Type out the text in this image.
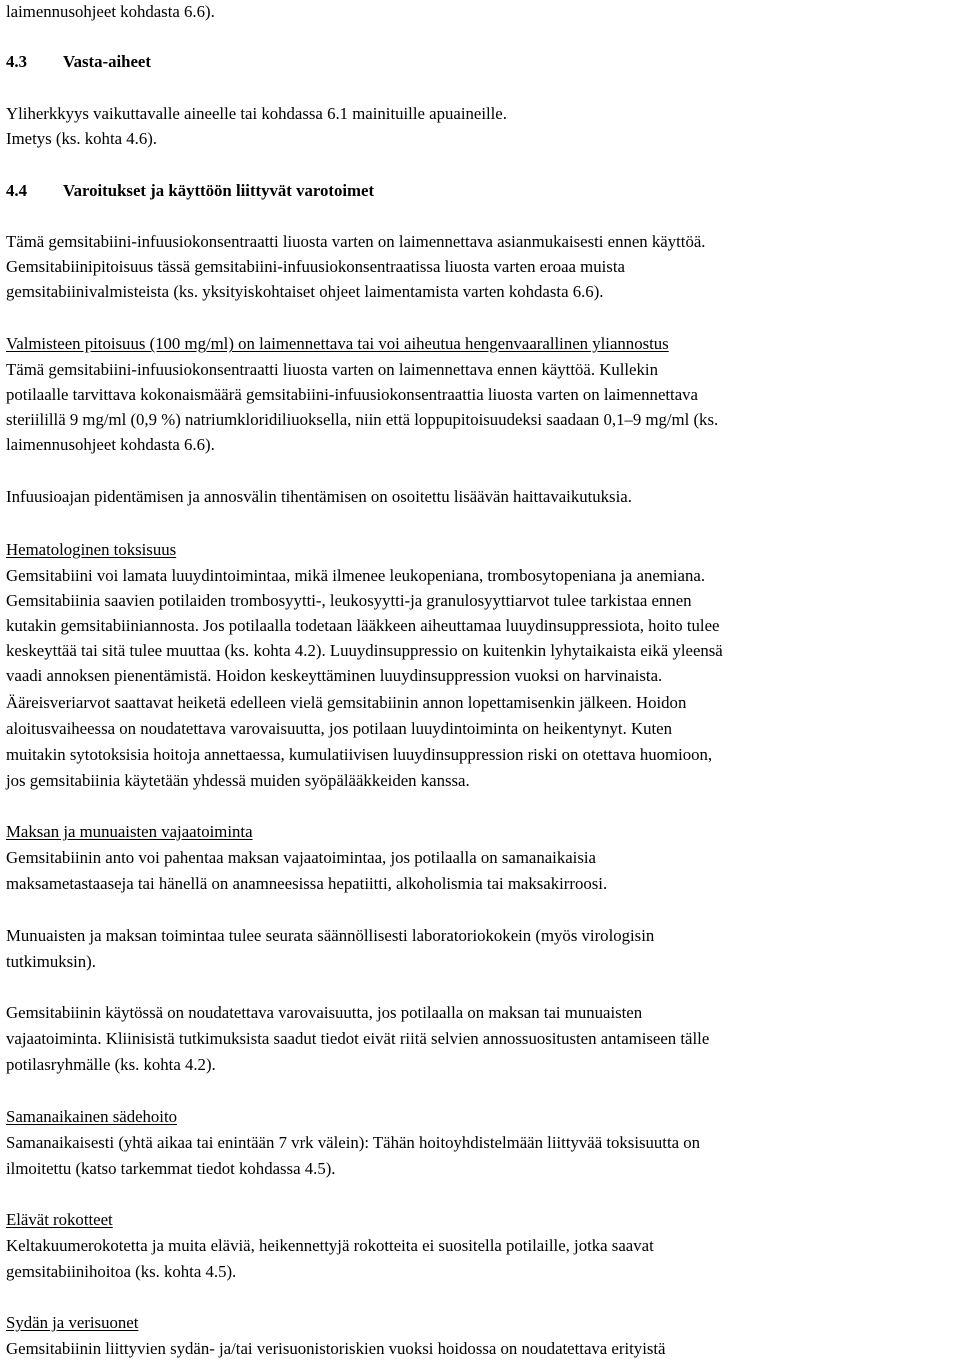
laimennusohjeet kohdasta 6.6).
4.3 Vasta-aiheet
Yliherkkyys vaikuttavalle aineelle tai kohdassa 6.1 mainituille apuaineille.
Imetys (ks. kohta 4.6).
4.4 Varoitukset ja käyttöön liittyvät varotoimet
Tämä gemsitabiini-infuusiokonsentraatti liuosta varten on laimennettava asianmukaisesti ennen käyttöä.
Gemsitabiinipitoisuus tässä gemsitabiini-infuusiokonsentraatissa liuosta varten eroaa muista
gemsitabiinivalmisteista (ks. yksityiskohtaiset ohjeet laimentamista varten kohdasta 6.6).
Valmisteen pitoisuus (100 mg/ml) on laimennettava tai voi aiheutua hengenvaarallinen yliannostus
Tämä gemsitabiini-infuusiokonsentraatti liuosta varten on laimennettava ennen käyttöä. Kullekin
potilaalle tarvittava kokonaismäärä gemsitabiini-infuusiokonsentraattia liuosta varten on laimennettava
steriilillä 9 mg/ml (0,9 %) natriumkloridiliuoksella, niin että loppupitoisuudeksi saadaan 0,1–9 mg/ml (ks.
laimennusohjeet kohdasta 6.6).
Infuusioajan pidentämisen ja annosvälin tihentämisen on osoitettu lisäävän haittavaikutuksia.
Hematologinen toksisuus
Gemsitabiini voi lamata luuydintoimintaa, mikä ilmenee leukopeniana, trombosytopeniana ja anemiana.
Gemsitabiinia saavien potilaiden trombosyytti-, leukosyytti-ja granulosyyttiarvot tulee tarkistaa ennen
kutakin gemsitabiiniannosta. Jos potilaalla todetaan lääkkeen aiheuttamaa luuydinsuppressiota, hoito tulee
keskeyttää tai sitä tulee muuttaa (ks. kohta 4.2). Luuydinsuppressio on kuitenkin lyhytaikaista eikä yleensä
vaadi annoksen pienentämistä. Hoidon keskeyttäminen luuydinsuppression vuoksi on harvinaista.
Ääreisveriarvot saattavat heiketä edelleen vielä gemsitabiinin annon lopettamisenkin jälkeen. Hoidon
aloitusvaiheessa on noudatettava varovaisuutta, jos potilaan luuydintoiminta on heikentynyt. Kuten
muitakin sytotoksisia hoitoja annettaessa, kumulatiivisen luuydinsuppression riski on otettava huomioon,
jos gemsitabiinia käytetään yhdessä muiden syöpälääkkeiden kanssa.
Maksan ja munuaisten vajaatoiminta
Gemsitabiinin anto voi pahentaa maksan vajaatoimintaa, jos potilaalla on samanaikaisia
maksametastaaseja tai hänellä on anamneesissa hepatiitti, alkoholismia tai maksakirroosi.
Munuaisten ja maksan toimintaa tulee seurata säännöllisesti laboratoriokokein (myös virologisin
tutkimuksin).
Gemsitabiinin käytössä on noudatettava varovaisuutta, jos potilaalla on maksan tai munuaisten
vajaatoiminta. Kliinisistä tutkimuksista saadut tiedot eivät riitä selvien annossuositusten antamiseen tälle
potilasryhmälle (ks. kohta 4.2).
Samanaikainen sädehoito
Samanaikaisesti (yhtä aikaa tai enintään 7 vrk välein): Tähän hoitoyhdistelmään liittyvää toksisuutta on
ilmoitettu (katso tarkemmat tiedot kohdassa 4.5).
Elävät rokotteet
Keltakuumerokotetta ja muita eläviä, heikennettyjä rokotteita ei suositella potilaille, jotka saavat
gemsitabiinihoitoa (ks. kohta 4.5).
Sydän ja verisuonet
Gemsitabiinin liittyvien sydän- ja/tai verisuonistoriskien vuoksi hoidossa on noudatettava erityistä
